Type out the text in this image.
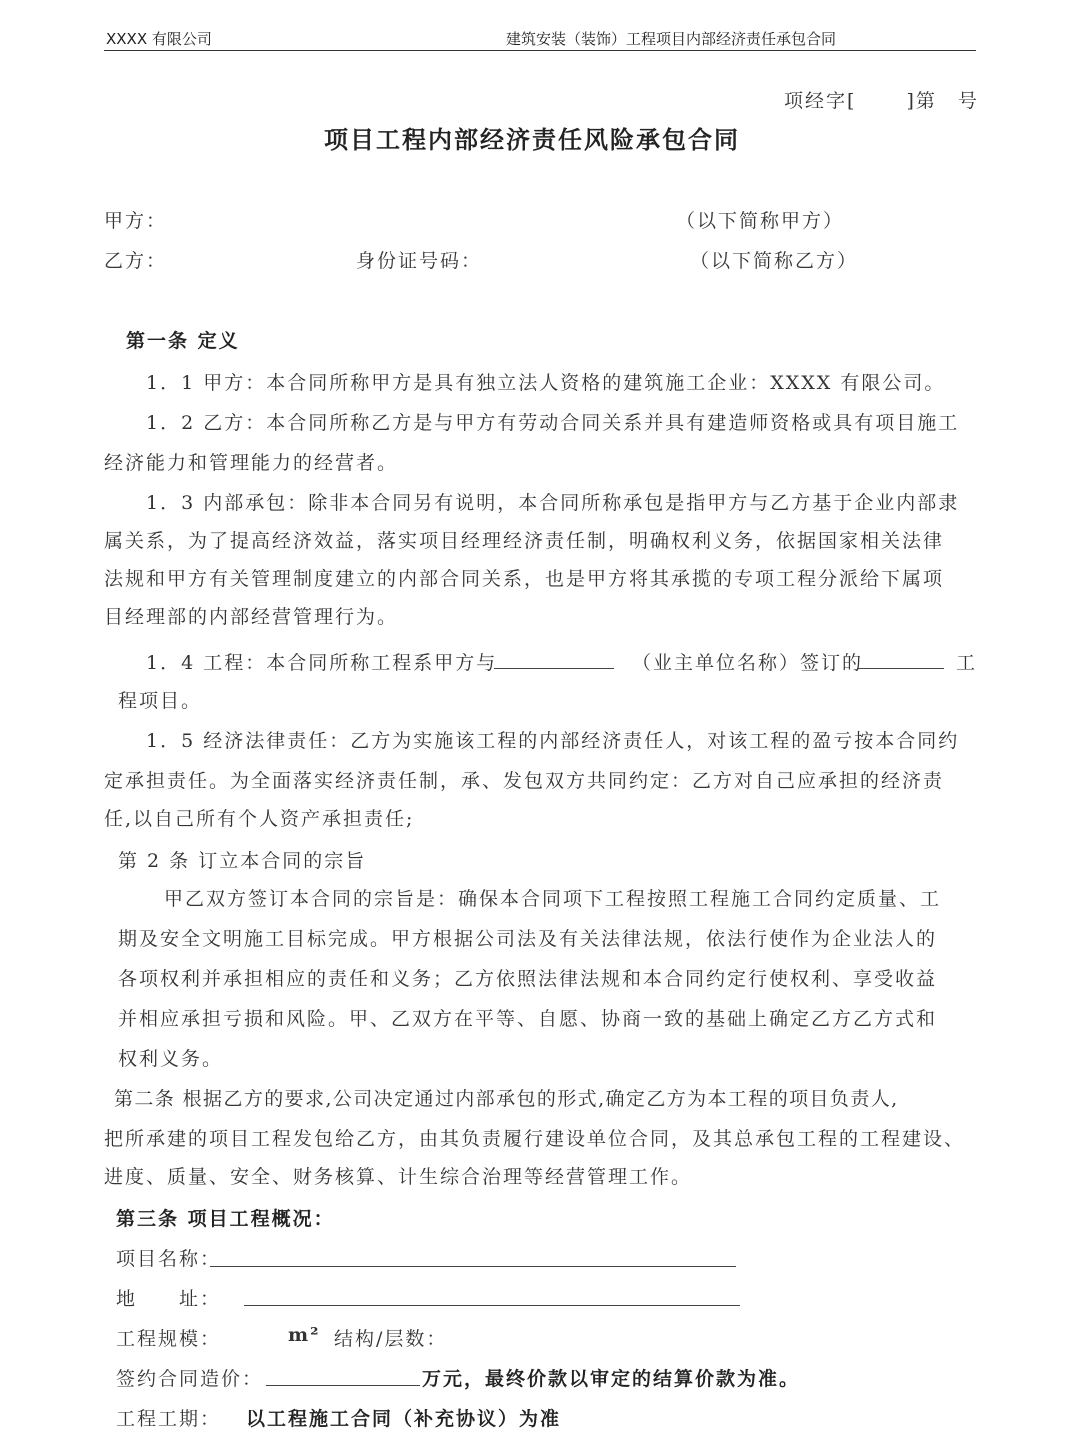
XXXX 有限公司	建筑安装（装饰）工程项目内部经济责任承包合同
项经字[　　 ]第　号
项目工程内部经济责任风险承包合同
甲方：	（以下简称甲方）
乙方：	身份证号码：	（以下简称乙方）
第一条 定义
1．1 甲方：本合同所称甲方是具有独立法人资格的建筑施工企业：XXXX 有限公司。
1．2 乙方：本合同所称乙方是与甲方有劳动合同关系并具有建造师资格或具有项目施工
经济能力和管理能力的经营者。
1．3 内部承包：除非本合同另有说明，本合同所称承包是指甲方与乙方基于企业内部隶
属关系，为了提高经济效益，落实项目经理经济责任制，明确权利义务，依据国家相关法律
法规和甲方有关管理制度建立的内部合同关系，也是甲方将其承揽的专项工程分派给下属项
目经理部的内部经营管理行为。
1．4 工程：本合同所称工程系甲方与	（业主单位名称）签订的	工
程项目。
1．5 经济法律责任：乙方为实施该工程的内部经济责任人，对该工程的盈亏按本合同约
定承担责任。为全面落实经济责任制，承、发包双方共同约定：乙方对自己应承担的经济责
任,以自己所有个人资产承担责任;
第 2 条 订立本合同的宗旨
甲乙双方签订本合同的宗旨是：确保本合同项下工程按照工程施工合同约定质量、工
期及安全文明施工目标完成。甲方根据公司法及有关法律法规，依法行使作为企业法人的
各项权利并承担相应的责任和义务；乙方依照法律法规和本合同约定行使权利、享受收益
并相应承担亏损和风险。甲、乙双方在平等、自愿、协商一致的基础上确定乙方乙方式和
权利义务。
第二条 根据乙方的要求,公司决定通过内部承包的形式,确定乙方为本工程的项目负责人,
把所承建的项目工程发包给乙方，由其负责履行建设单位合同，及其总承包工程的工程建设、
进度、质量、安全、财务核算、计生综合治理等经营管理工作。
第三条 项目工程概况：
项目名称：
地　　址：
工程规模：	m² 结构/层数：
签约合同造价：	万元，最终价款以审定的结算价款为准。
工程工期： 以工程施工合同（补充协议）为准
